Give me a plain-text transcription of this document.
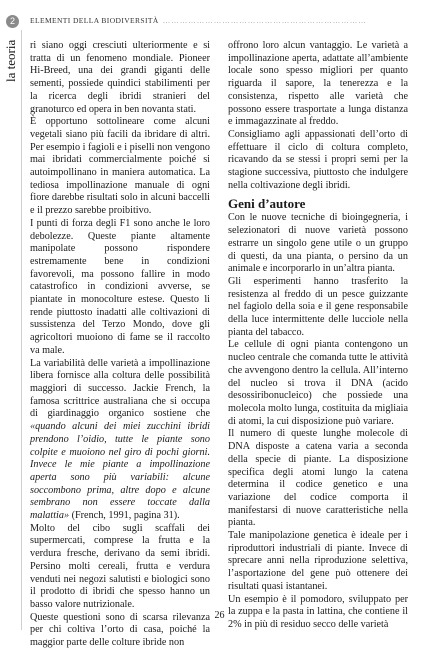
2
la teoria
ELEMENTI DELLA BIODIVERSITÀ ………………………………………………………………

ri siano oggi cresciuti ulteriormente e si tratta di un fenomeno mondiale. Pioneer Hi-Breed, una dei grandi giganti delle sementi, possiede quindici stabilimenti per la ricerca degli ibridi stranieri del granoturco ed opera in ben novanta stati.

È opportuno sottolineare come alcuni vegetali siano più facili da ibridare di altri. Per esempio i fagioli e i piselli non vengono mai ibridati commercialmente poiché si autoimpollinano in maniera automatica. La tediosa impollinazione manuale di ogni fiore darebbe risultati solo in alcuni baccelli e il prezzo sarebbe proibitivo.

I punti di forza degli F1 sono anche le loro debolezze. Queste piante altamente manipolate possono rispondere estremamente bene in condizioni favorevoli, ma possono fallire in modo catastrofico in condizioni avverse, se piantate in monocolture estese. Questo li rende piuttosto inadatti alle coltivazioni di sussistenza del Terzo Mondo, dove gli agricoltori muoiono di fame se il raccolto va male.

La variabilità delle varietà a impollinazione libera fornisce alla coltura delle possibilità maggiori di successo. Jackie French, la famosa scrittrice australiana che si occupa di giardinaggio organico sostiene che «quando alcuni dei miei zucchini ibridi prendono l’oidio, tutte le piante sono colpite e muoiono nel giro di pochi giorni. Invece le mie piante a impollinazione aperta sono più variabili: alcune soccombono prima, altre dopo e alcune sembrano non essere toccate dalla malattia» (French, 1991, pagina 31).

Molto del cibo sugli scaffali dei supermercati, comprese la frutta e la verdura fresche, derivano da semi ibridi. Persino molti cereali, frutta e verdura venduti nei negozi salutisti e biologici sono il prodotto di ibridi che spesso hanno un basso valore nutrizionale.

Queste questioni sono di scarsa rilevanza per chi coltiva l’orto di casa, poiché la maggior parte delle colture ibride non

offrono loro alcun vantaggio. Le varietà a impollinazione aperta, adattate all’ambiente locale sono spesso migliori per quanto riguarda il sapore, la tenerezza e la consistenza, rispetto alle varietà che possono essere trasportate a lunga distanza e immagazzinate al freddo.

Consigliamo agli appassionati dell’orto di effettuare il ciclo di coltura completo, ricavando da se stessi i propri semi per la stagione successiva, piuttosto che indulgere nella coltivazione degli ibridi.

Geni d’autore

Con le nuove tecniche di bioingegneria, i selezionatori di nuove varietà possono estrarre un singolo gene utile o un gruppo di questi, da una pianta, o persino da un animale e incorporarlo in un’altra pianta.

Gli esperimenti hanno trasferito la resistenza al freddo di un pesce guizzante nel fagiolo della soia e il gene responsabile della luce intermittente delle lucciole nella pianta del tabacco.

Le cellule di ogni pianta contengono un nucleo centrale che comanda tutte le attività che avvengono dentro la cellula. All’interno del nucleo si trova il DNA (acido desossiribonucleico) che possiede una molecola molto lunga, costituita da migliaia di atomi, la cui disposizione può variare.

Il numero di queste lunghe molecole di DNA disposte a catena varia a seconda della specie di piante. La disposizione specifica degli atomi lungo la catena determina il codice genetico e una variazione del codice comporta il manifestarsi di nuove caratteristiche nella pianta.

Tale manipolazione genetica è ideale per i riproduttori industriali di piante. Invece di sprecare anni nella riproduzione selettiva, l’asportazione del gene può ottenere dei risultati quasi istantanei.

Un esempio è il pomodoro, sviluppato per la zuppa e la pasta in lattina, che contiene il 2% in più di residuo secco delle varietà

26
